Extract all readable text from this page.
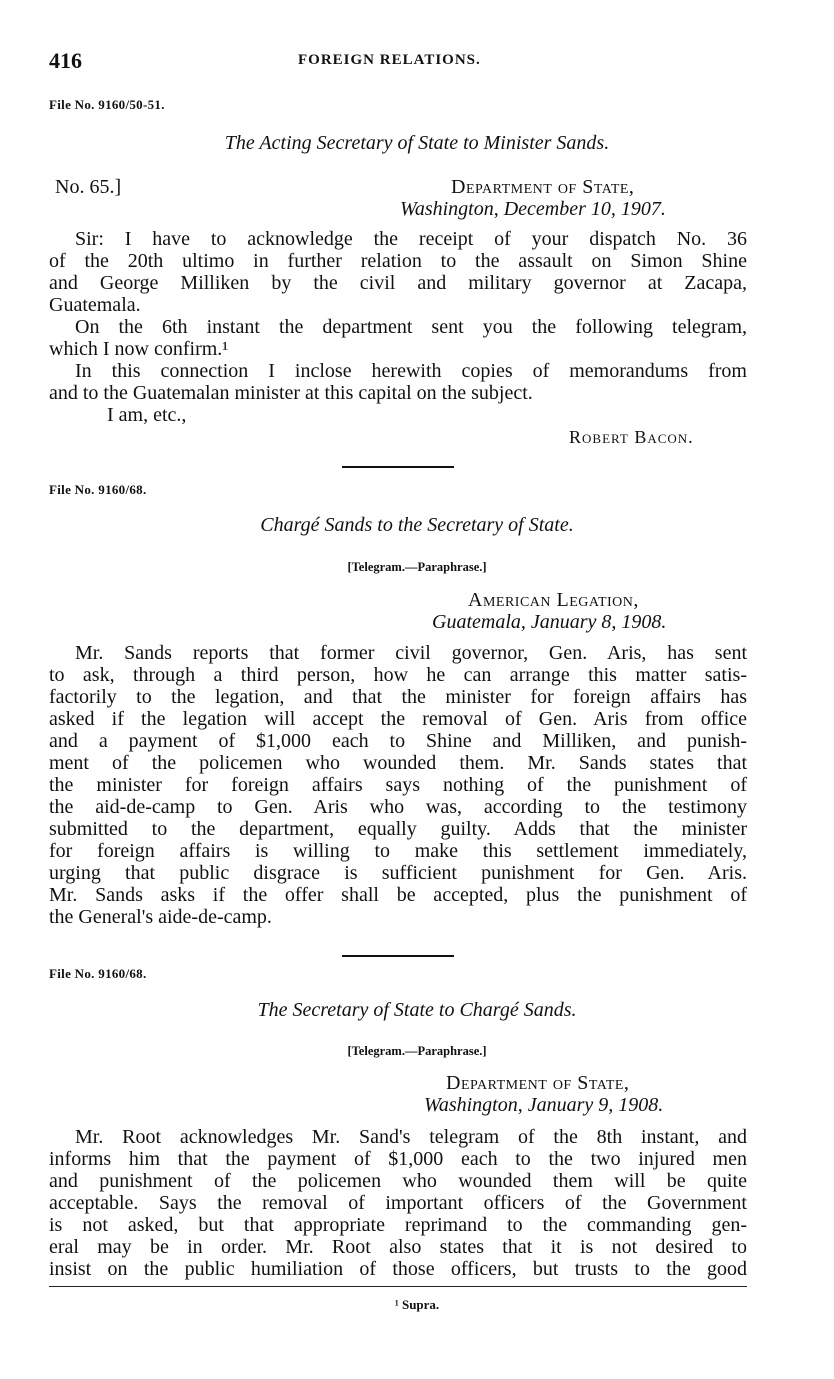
416	FOREIGN RELATIONS.
File No. 9160/50-51.
The Acting Secretary of State to Minister Sands.
No. 65.]	Department of State,
Washington, December 10, 1907.
Sir: I have to acknowledge the receipt of your dispatch No. 36
of the 20th ultimo in further relation to the assault on Simon Shine
and George Milliken by the civil and military governor at Zacapa,
Guatemala.
On the 6th instant the department sent you the following telegram,
which I now confirm.¹
In this connection I inclose herewith copies of memorandums from
and to the Guatemalan minister at this capital on the subject.
I am, etc.,
Robert Bacon.
File No. 9160/68.
Chargé Sands to the Secretary of State.
[Telegram.—Paraphrase.]
American Legation,
Guatemala, January 8, 1908.
Mr. Sands reports that former civil governor, Gen. Aris, has sent
to ask, through a third person, how he can arrange this matter satis-
factorily to the legation, and that the minister for foreign affairs has
asked if the legation will accept the removal of Gen. Aris from office
and a payment of $1,000 each to Shine and Milliken, and punish-
ment of the policemen who wounded them. Mr. Sands states that
the minister for foreign affairs says nothing of the punishment of
the aid-de-camp to Gen. Aris who was, according to the testimony
submitted to the department, equally guilty. Adds that the minister
for foreign affairs is willing to make this settlement immediately,
urging that public disgrace is sufficient punishment for Gen. Aris.
Mr. Sands asks if the offer shall be accepted, plus the punishment of
the General's aide-de-camp.
File No. 9160/68.
The Secretary of State to Chargé Sands.
[Telegram.—Paraphrase.]
Department of State,
Washington, January 9, 1908.
Mr. Root acknowledges Mr. Sand's telegram of the 8th instant, and
informs him that the payment of $1,000 each to the two injured men
and punishment of the policemen who wounded them will be quite
acceptable. Says the removal of important officers of the Government
is not asked, but that appropriate reprimand to the commanding gen-
eral may be in order. Mr. Root also states that it is not desired to
insist on the public humiliation of those officers, but trusts to the good
¹ Supra.
